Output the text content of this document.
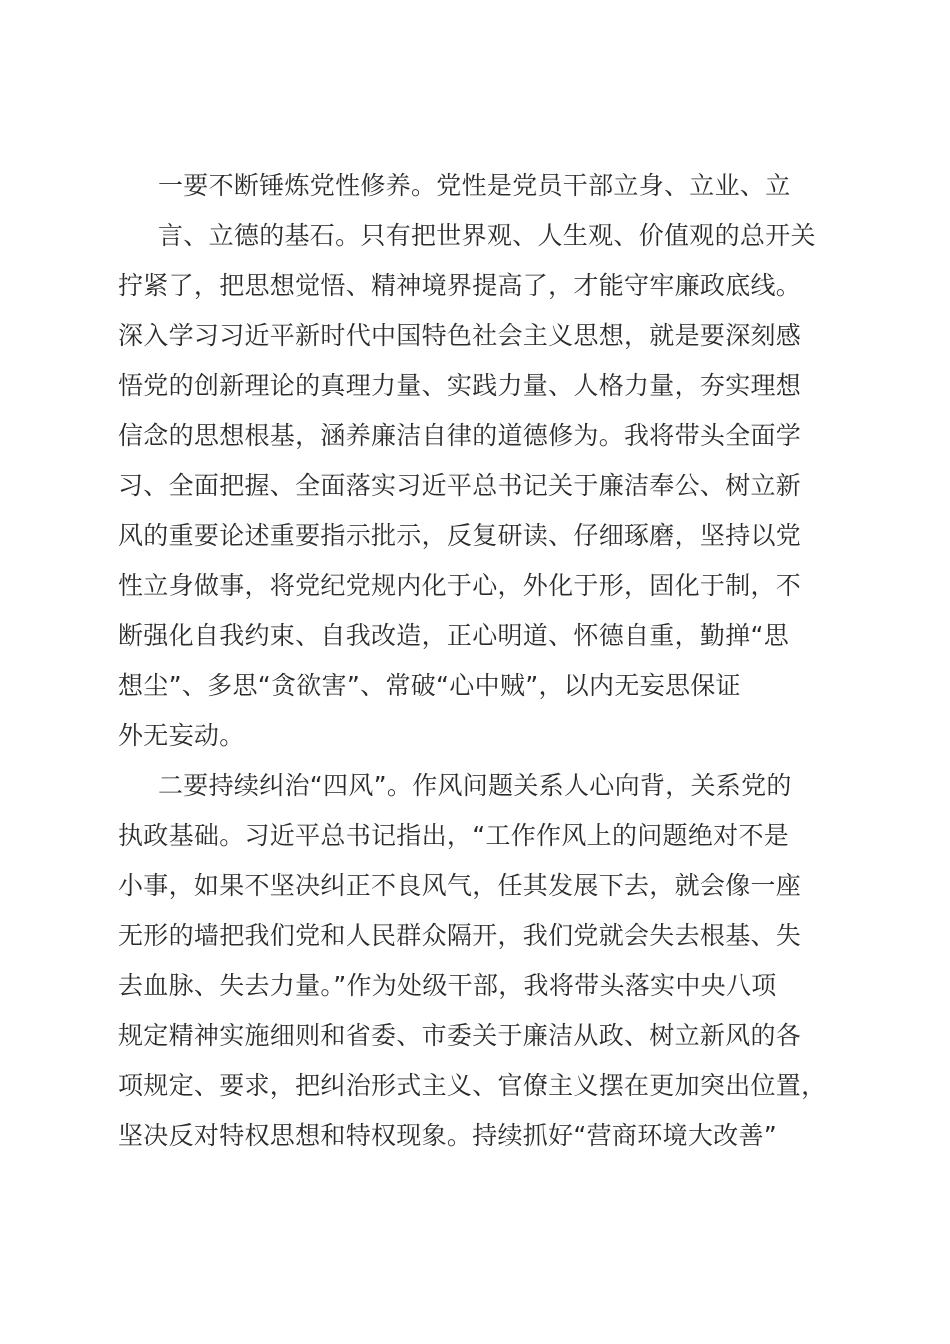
一要不断锤炼党性修养。党性是党员干部立身、立业、立
言、立德的基石。只有把世界观、人生观、价值观的总开关
拧紧了，把思想觉悟、精神境界提高了，才能守牢廉政底线。
深入学习习近平新时代中国特色社会主义思想，就是要深刻感
悟党的创新理论的真理力量、实践力量、人格力量，夯实理想
信念的思想根基，涵养廉洁自律的道德修为。我将带头全面学
习、全面把握、全面落实习近平总书记关于廉洁奉公、树立新
风的重要论述重要指示批示，反复研读、仔细琢磨，坚持以党
性立身做事，将党纪党规内化于心，外化于形，固化于制，不
断强化自我约束、自我改造，正心明道、怀德自重，勤掸“思
想尘”、多思“贪欲害”、常破“心中贼”，以内无妄思保证
外无妄动。
二要持续纠治“四风”。作风问题关系人心向背，关系党的
执政基础。习近平总书记指出，“工作作风上的问题绝对不是
小事，如果不坚决纠正不良风气，任其发展下去，就会像一座
无形的墙把我们党和人民群众隔开，我们党就会失去根基、失
去血脉、失去力量。”作为处级干部，我将带头落实中央八项
规定精神实施细则和省委、市委关于廉洁从政、树立新风的各
项规定、要求，把纠治形式主义、官僚主义摆在更加突出位置，
坚决反对特权思想和特权现象。持续抓好“营商环境大改善”
